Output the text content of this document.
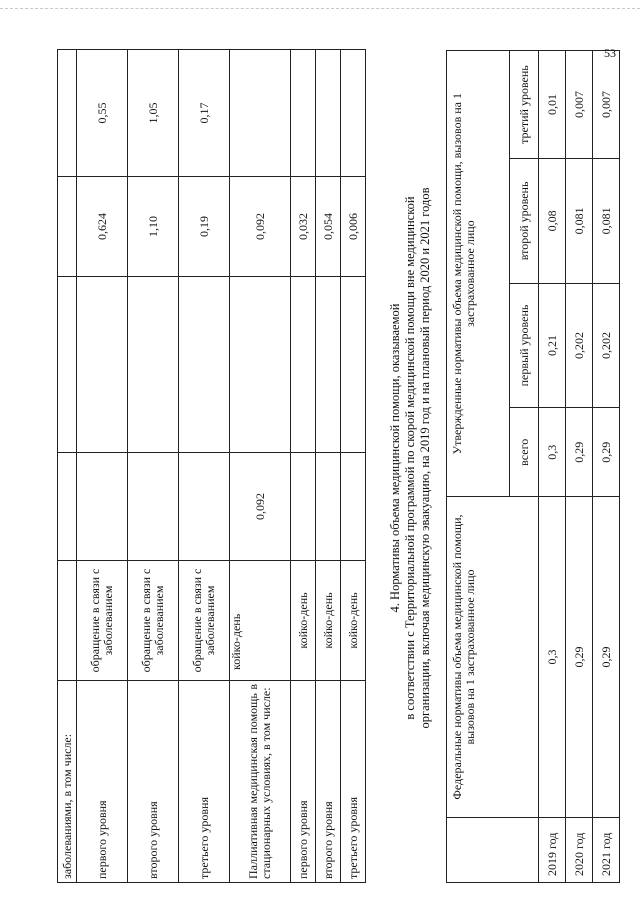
53
заболеваниями, в том числе:					
первого уровня	обращение в связи с заболеванием			0,624	0,55
второго уровня	обращение в связи с заболеванием			1,10	1,05
третьего уровня	обращение в связи с заболеванием			0,19	0,17
Паллиативная медицинская помощь в стационарных условиях, в том числе:	койко-день	0,092		0,092	
первого уровня	койко-день			0,032	
второго уровня	койко-день			0,054	
третьего уровня	койко-день			0,006	
4. Нормативы объема медицинской помощи, оказываемой в соответствии с Территориальной программой по скорой медицинской помощи вне медицинской организации, включая медицинскую эвакуацию, на 2019 год и на плановый период 2020 и 2021 годов
	Федеральные нормативы объема медицинской помощи, вызовов на 1 застрахованное лицо	Утвержденные нормативы объема медицинской помощи, вызовов на 1 застрахованное лицо			
		всего	первый уровень	второй уровень	третий уровень
2019 год	0,3	0,3	0,21	0,08	0,01
2020 год	0,29	0,29	0,202	0,081	0,007
2021 год	0,29	0,29	0,202	0,081	0,007
